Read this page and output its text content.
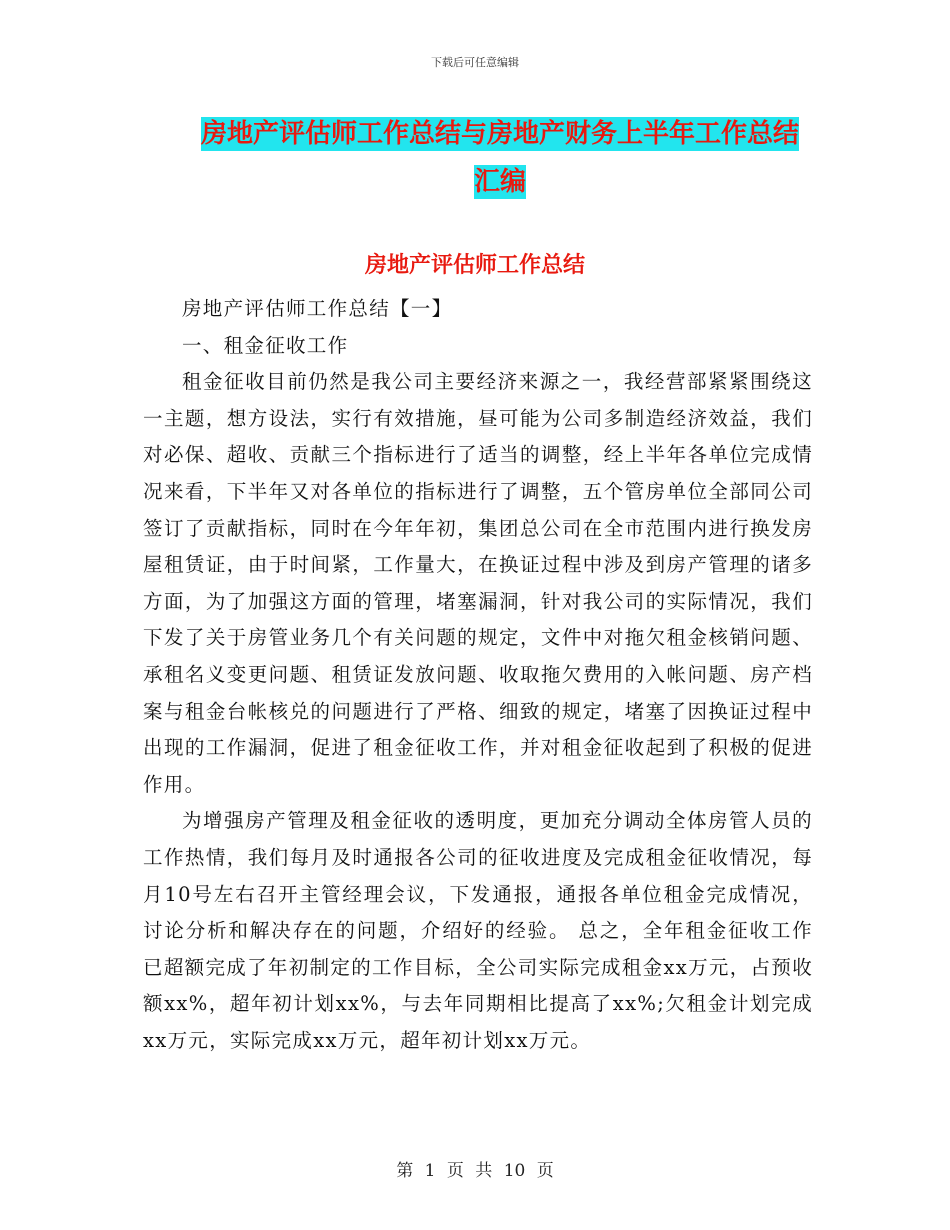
下载后可任意编辑
房地产评估师工作总结与房地产财务上半年工作总结
汇编
房地产评估师工作总结

房地产评估师工作总结【一】

一、租金征收工作

租金征收目前仍然是我公司主要经济来源之一，我经营部紧紧围绕这一主题，想方设法，实行有效措施，昼可能为公司多制造经济效益，我们对必保、超收、贡献三个指标进行了适当的调整，经上半年各单位完成情况来看，下半年又对各单位的指标进行了调整，五个管房单位全部同公司签订了贡献指标，同时在今年年初，集团总公司在全市范围内进行换发房屋租赁证，由于时间紧，工作量大，在换证过程中涉及到房产管理的诸多方面，为了加强这方面的管理，堵塞漏洞，针对我公司的实际情况，我们下发了关于房管业务几个有关问题的规定，文件中对拖欠租金核销问题、承租名义变更问题、租赁证发放问题、收取拖欠费用的入帐问题、房产档案与租金台帐核兑的问题进行了严格、细致的规定，堵塞了因换证过程中出现的工作漏洞，促进了租金征收工作，并对租金征收起到了积极的促进作用。

为增强房产管理及租金征收的透明度，更加充分调动全体房管人员的工作热情，我们每月及时通报各公司的征收进度及完成租金征收情况，每月10号左右召开主管经理会议，下发通报，通报各单位租金完成情况，讨论分析和解决存在的问题，介绍好的经验。 总之，全年租金征收工作已超额完成了年初制定的工作目标，全公司实际完成租金xx万元，占预收额xx%，超年初计划xx%，与去年同期相比提高了xx%;欠租金计划完成xx万元，实际完成xx万元，超年初计划xx万元。

第 1 页 共 10 页
